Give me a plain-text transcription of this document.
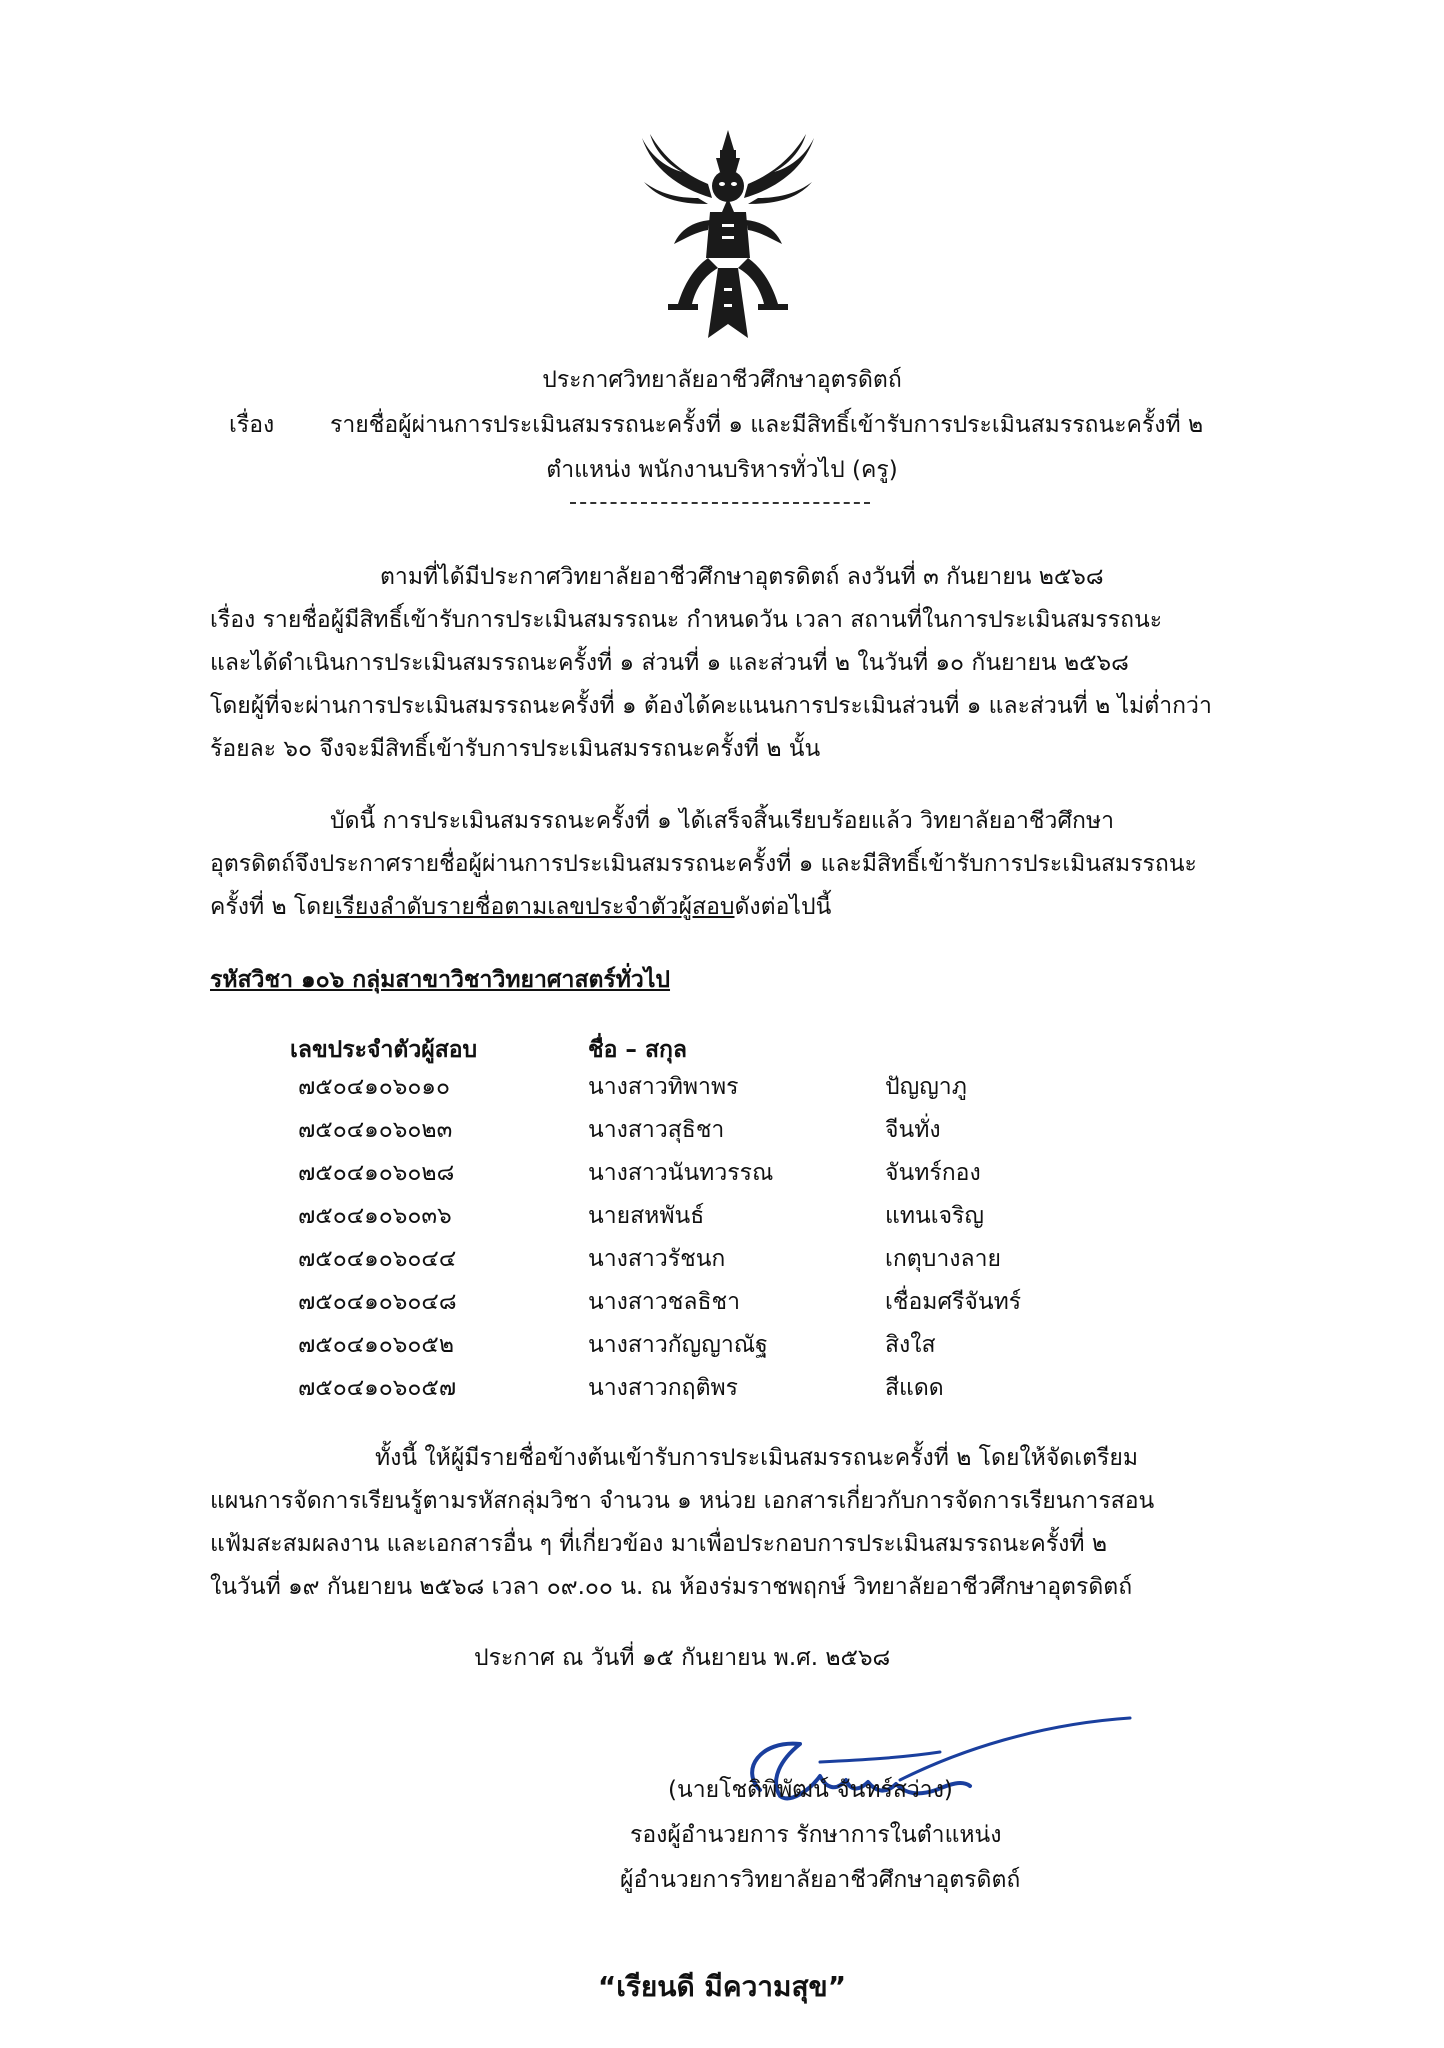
ประกาศวิทยาลัยอาชีวศึกษาอุตรดิตถ์
เรื่อง รายชื่อผู้ผ่านการประเมินสมรรถนะครั้งที่ ๑ และมีสิทธิ์เข้ารับการประเมินสมรรถนะครั้งที่ ๒
ตำแหน่ง พนักงานบริหารทั่วไป (ครู)
ตามที่ได้มีประกาศวิทยาลัยอาชีวศึกษาอุตรดิตถ์ ลงวันที่ ๓ กันยายน ๒๕๖๘
เรื่อง รายชื่อผู้มีสิทธิ์เข้ารับการประเมินสมรรถนะ กำหนดวัน เวลา สถานที่ในการประเมินสมรรถนะ
และได้ดำเนินการประเมินสมรรถนะครั้งที่ ๑ ส่วนที่ ๑ และส่วนที่ ๒ ในวันที่ ๑๐ กันยายน ๒๕๖๘
โดยผู้ที่จะผ่านการประเมินสมรรถนะครั้งที่ ๑ ต้องได้คะแนนการประเมินส่วนที่ ๑ และส่วนที่ ๒ ไม่ต่ำกว่า
ร้อยละ ๖๐ จึงจะมีสิทธิ์เข้ารับการประเมินสมรรถนะครั้งที่ ๒ นั้น
บัดนี้ การประเมินสมรรถนะครั้งที่ ๑ ได้เสร็จสิ้นเรียบร้อยแล้ว วิทยาลัยอาชีวศึกษา
อุตรดิตถ์จึงประกาศรายชื่อผู้ผ่านการประเมินสมรรถนะครั้งที่ ๑ และมีสิทธิ์เข้ารับการประเมินสมรรถนะ
ครั้งที่ ๒ โดยเรียงลำดับรายชื่อตามเลขประจำตัวผู้สอบดังต่อไปนี้
รหัสวิชา ๑๐๖ กลุ่มสาขาวิชาวิทยาศาสตร์ทั่วไป
เลขประจำตัวผู้สอบ	ชื่อ – สกุล
๗๕๐๔๑๐๖๐๑๐	นางสาวทิพาพร	ปัญญาภู
๗๕๐๔๑๐๖๐๒๓	นางสาวสุธิชา	จีนทั่ง
๗๕๐๔๑๐๖๐๒๘	นางสาวนันทวรรณ	จันทร์กอง
๗๕๐๔๑๐๖๐๓๖	นายสหพันธ์	แทนเจริญ
๗๕๐๔๑๐๖๐๔๔	นางสาวรัชนก	เกตุบางลาย
๗๕๐๔๑๐๖๐๔๘	นางสาวชลธิชา	เชื่อมศรีจันทร์
๗๕๐๔๑๐๖๐๕๒	นางสาวกัญญาณัฐ	สิงใส
๗๕๐๔๑๐๖๐๕๗	นางสาวกฤติพร	สีแดด
ทั้งนี้ ให้ผู้มีรายชื่อข้างต้นเข้ารับการประเมินสมรรถนะครั้งที่ ๒ โดยให้จัดเตรียม
แผนการจัดการเรียนรู้ตามรหัสกลุ่มวิชา จำนวน ๑ หน่วย เอกสารเกี่ยวกับการจัดการเรียนการสอน
แฟ้มสะสมผลงาน และเอกสารอื่น ๆ ที่เกี่ยวข้อง มาเพื่อประกอบการประเมินสมรรถนะครั้งที่ ๒
ในวันที่ ๑๙ กันยายน ๒๕๖๘ เวลา ๐๙.๐๐ น. ณ ห้องร่มราชพฤกษ์ วิทยาลัยอาชีวศึกษาอุตรดิตถ์
ประกาศ ณ วันที่ ๑๕ กันยายน พ.ศ. ๒๕๖๘
(นายโชติพิพัฒน์ จันทร์สว่าง)
รองผู้อำนวยการ รักษาการในตำแหน่ง
ผู้อำนวยการวิทยาลัยอาชีวศึกษาอุตรดิตถ์
“เรียนดี มีความสุข”
